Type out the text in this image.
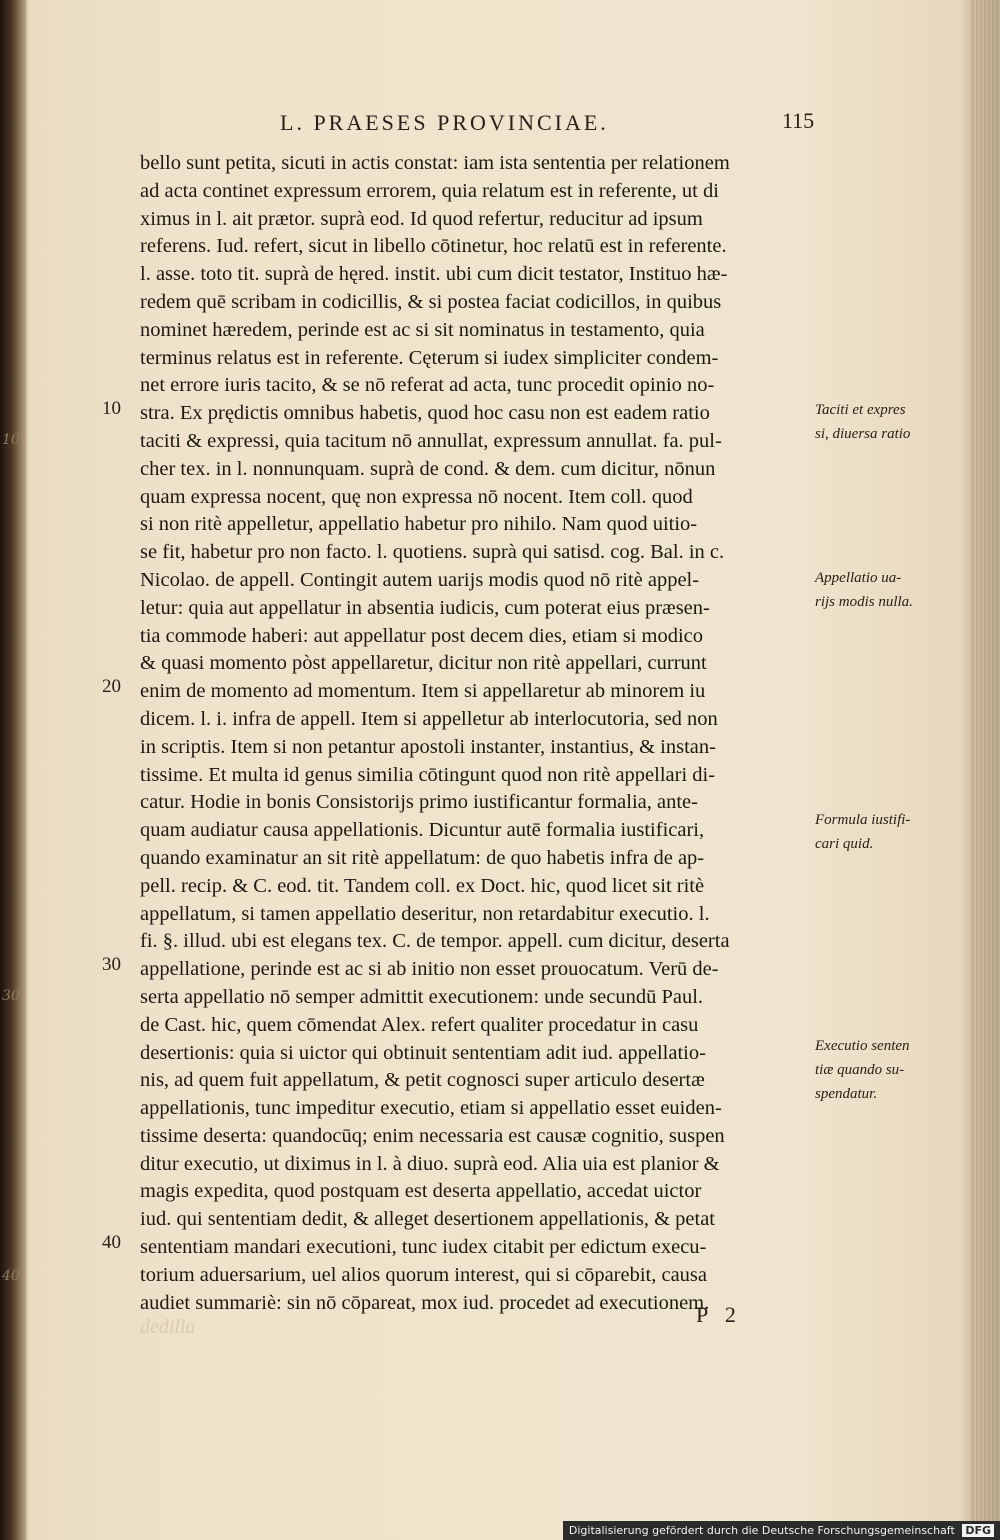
10
30
40
L. PRAESES PROVINCIAE.	115
bello sunt petita, sicuti in actis constat: iam ista sententia per relationem
ad acta continet expressum errorem, quia relatum est in referente, ut di
ximus in l. ait prætor. suprà eod. Id quod refertur, reducitur ad ipsum
referens. Iud. refert, sicut in libello cōtinetur, hoc relatū est in referente.
l. asse. toto tit. suprà de hęred. instit. ubi cum dicit testator, Instituo hæ-
redem quē scribam in codicillis, & si postea faciat codicillos, in quibus
nominet hæredem, perinde est ac si sit nominatus in testamento, quia
terminus relatus est in referente. Cęterum si iudex simpliciter condem-
net errore iuris tacito, & se nō referat ad acta, tunc procedit opinio no-
stra. Ex prędictis omnibus habetis, quod hoc casu non est eadem ratio
taciti & expressi, quia tacitum nō annullat, expressum annullat. fa. pul-
cher tex. in l. nonnunquam. suprà de cond. & dem. cum dicitur, nōnun
quam expressa nocent, quę non expressa nō nocent. Item coll. quod
si non ritè appelletur, appellatio habetur pro nihilo. Nam quod uitio-
se fit, habetur pro non facto. l. quotiens. suprà qui satisd. cog. Bal. in c.
Nicolao. de appell. Contingit autem uarijs modis quod nō ritè appel-
letur: quia aut appellatur in absentia iudicis, cum poterat eius præsen-
tia commode haberi: aut appellatur post decem dies, etiam si modico
& quasi momento pòst appellaretur, dicitur non ritè appellari, currunt
enim de momento ad momentum. Item si appellaretur ab minorem iu
dicem. l. i. infra de appell. Item si appelletur ab interlocutoria, sed non
in scriptis. Item si non petantur apostoli instanter, instantius, & instan-
tissime. Et multa id genus similia cōtingunt quod non ritè appellari di-
catur. Hodie in bonis Consistorijs primo iustificantur formalia, ante-
quam audiatur causa appellationis. Dicuntur autē formalia iustificari,
quando examinatur an sit ritè appellatum: de quo habetis infra de ap-
pell. recip. & C. eod. tit. Tandem coll. ex Doct. hic, quod licet sit ritè
appellatum, si tamen appellatio deseritur, non retardabitur executio. l.
fi. §. illud. ubi est elegans tex. C. de tempor. appell. cum dicitur, deserta
appellatione, perinde est ac si ab initio non esset prouocatum. Verū de-
serta appellatio nō semper admittit executionem: unde secundū Paul.
de Cast. hic, quem cōmendat Alex. refert qualiter procedatur in casu
desertionis: quia si uictor qui obtinuit sententiam adit iud. appellatio-
nis, ad quem fuit appellatum, & petit cognosci super articulo desertæ
appellationis, tunc impeditur executio, etiam si appellatio esset euiden-
tissime deserta: quandocūq; enim necessaria est causæ cognitio, suspen
ditur executio, ut diximus in l. à diuo. suprà eod. Alia uia est planior &
magis expedita, quod postquam est deserta appellatio, accedat uictor
iud. qui sententiam dedit, & alleget desertionem appellationis, & petat
sententiam mandari executioni, tunc iudex citabit per edictum execu-
torium aduersarium, uel alios quorum interest, qui si cōparebit, causa
audiet summariè: sin nō cōpareat, mox iud. procedet ad executionem.
10
20
30
40
Taciti et expres
si, diuersa ratio
Appellatio ua-
rijs modis nulla.
Formula iustifi-
cari quid.
Executio senten
tiæ quando su-
spendatur.
dedilla	P 2
Digitalisierung gefördert durch die Deutsche Forschungsgemeinschaft DFG
